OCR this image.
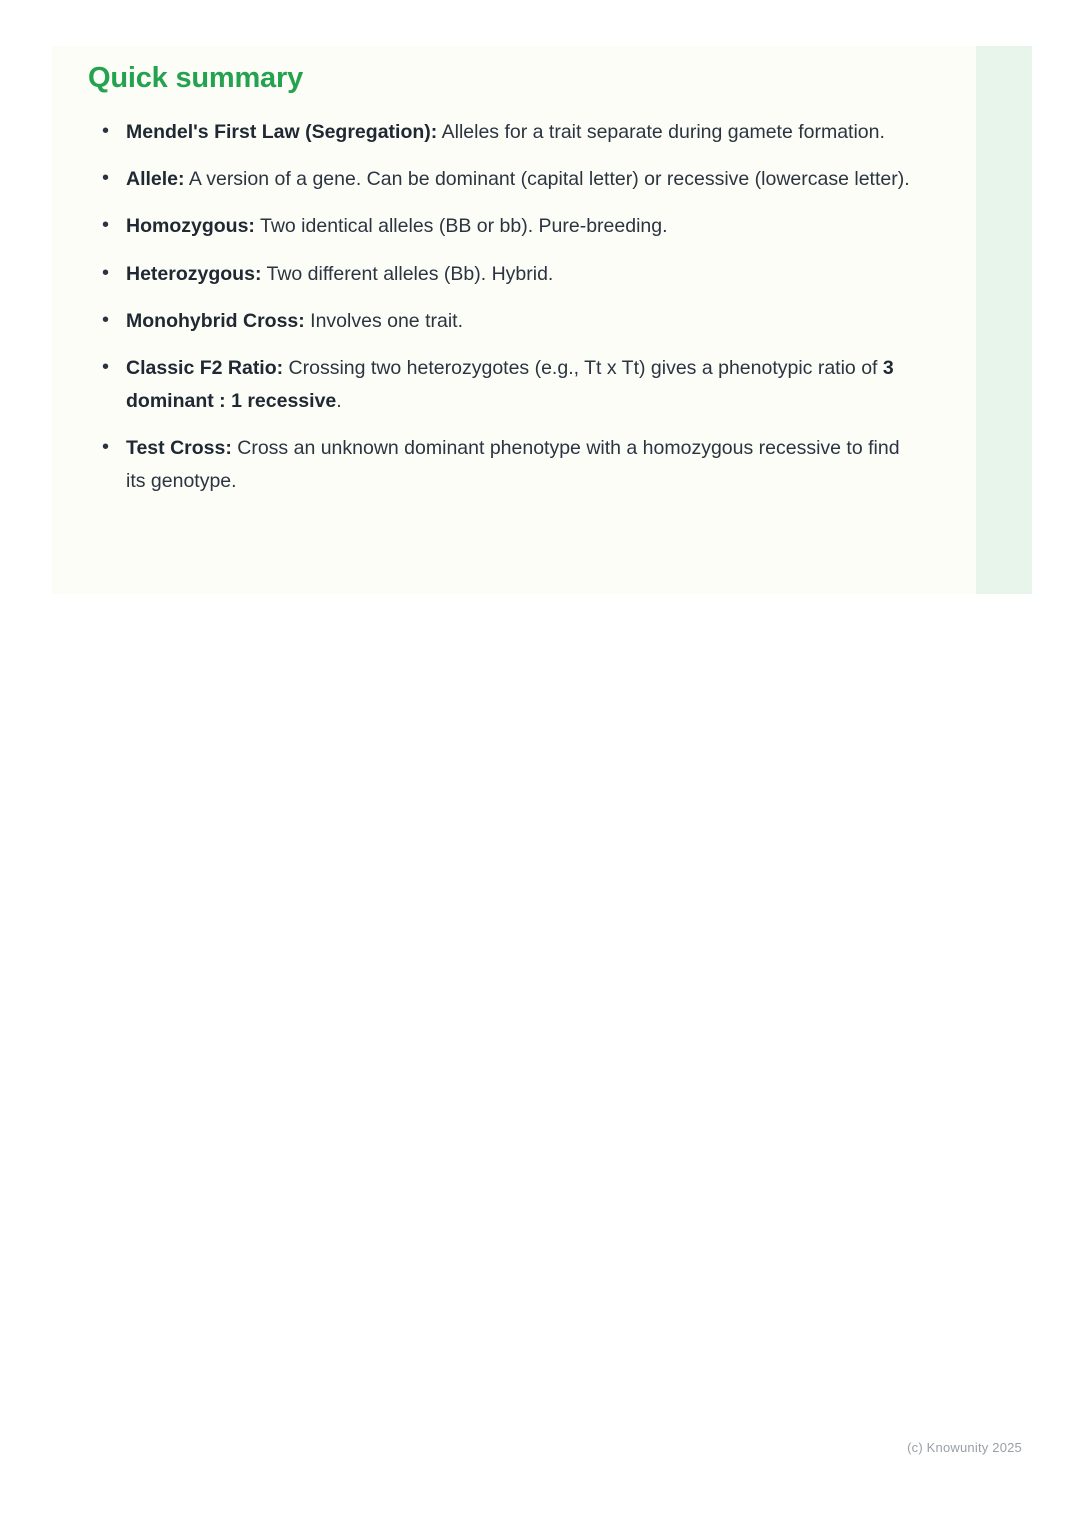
Quick summary
• Mendel's First Law (Segregation): Alleles for a trait separate during gamete formation.
• Allele: A version of a gene. Can be dominant (capital letter) or recessive (lowercase letter).
• Homozygous: Two identical alleles (BB or bb). Pure-breeding.
• Heterozygous: Two different alleles (Bb). Hybrid.
• Monohybrid Cross: Involves one trait.
• Classic F2 Ratio: Crossing two heterozygotes (e.g., Tt x Tt) gives a phenotypic ratio of 3 dominant : 1 recessive.
• Test Cross: Cross an unknown dominant phenotype with a homozygous recessive to find its genotype.
(c) Knowunity 2025
